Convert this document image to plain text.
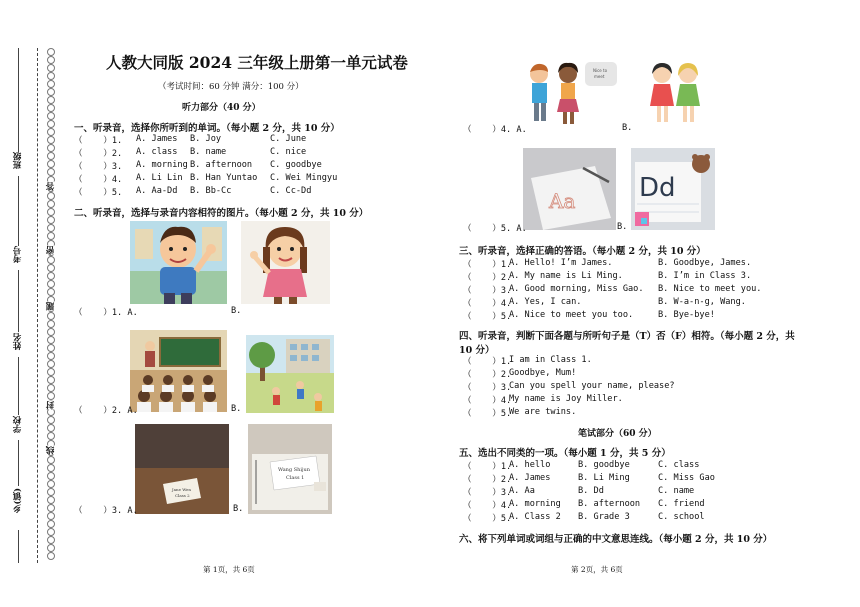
班级
考号
姓名
学校
乡(镇)
答
密
题
封
线
人教大同版 2024 三年级上册第一单元试卷
（考试时间：60 分钟 满分：100 分）
听力部分（40 分）
一、听录音，选择你所听到的单词。（每小题 2 分，共 10 分）
（    ）1. A. James B. Joy	C. June
（    ）2. A. class B. name	C. nice
（    ）3. A. morning B. afternoon C. goodbye
（    ）4. A. Li Lin B. Han Yuntao C. Wei Mingyu
（    ）5. A. Aa-Dd B. Bb-Cc	C. Cc-Dd
二、听录音，选择与录音内容相符的图片。（每小题 2 分，共 10 分）
（    ）1. A.	B.
（    ）2. A.	B.
Jane Wen
Class 2
Wang Shijun
Class 1
（    ）3. A.	B.
第 1页，共 6页
Nice to
meet
（    ）4. A.	B.
Aa Dd
（    ）5. A.	B.
三、听录音，选择正确的答语。（每小题 2 分，共 10 分）
（    ）1.
A. Hello! I’m James.	B. Goodbye, James.
（    ）2.
A. My name is Li Ming.	B. I’m in Class 3.
（    ）3.
A. Good morning, Miss Gao. B. Nice to meet you.
（    ）4.
A. Yes, I can.	B. W-a-n-g, Wang.
（    ）5.
A. Nice to meet you too.	B. Bye-bye!
四、听录音，判断下面各题与所听句子是（T）否（F）相符。（每小题 2 分，共
10 分）
（    ）1.
I am in Class 1.
（    ）2.
Goodbye, Mum!
（    ）3.
Can you spell your name, please?
（    ）4.
My name is Joy Miller.
（    ）5.
We are twins.
笔试部分（60 分）
五、选出不同类的一项。（每小题 1 分，共 5 分）
（    ）1.
A. hello	B. goodbye	C. class
（    ）2.
A. James	B. Li Ming	C. Miss Gao
（    ）3.
A. Aa	B. Dd	C. name
（    ）4.
A. morning B. afternoon C. friend
（    ）5.
A. Class 2 B. Grade 3	C. school
六、将下列单词或词组与正确的中文意思连线。（每小题 2 分，共 10 分）
第 2页，共 6页
